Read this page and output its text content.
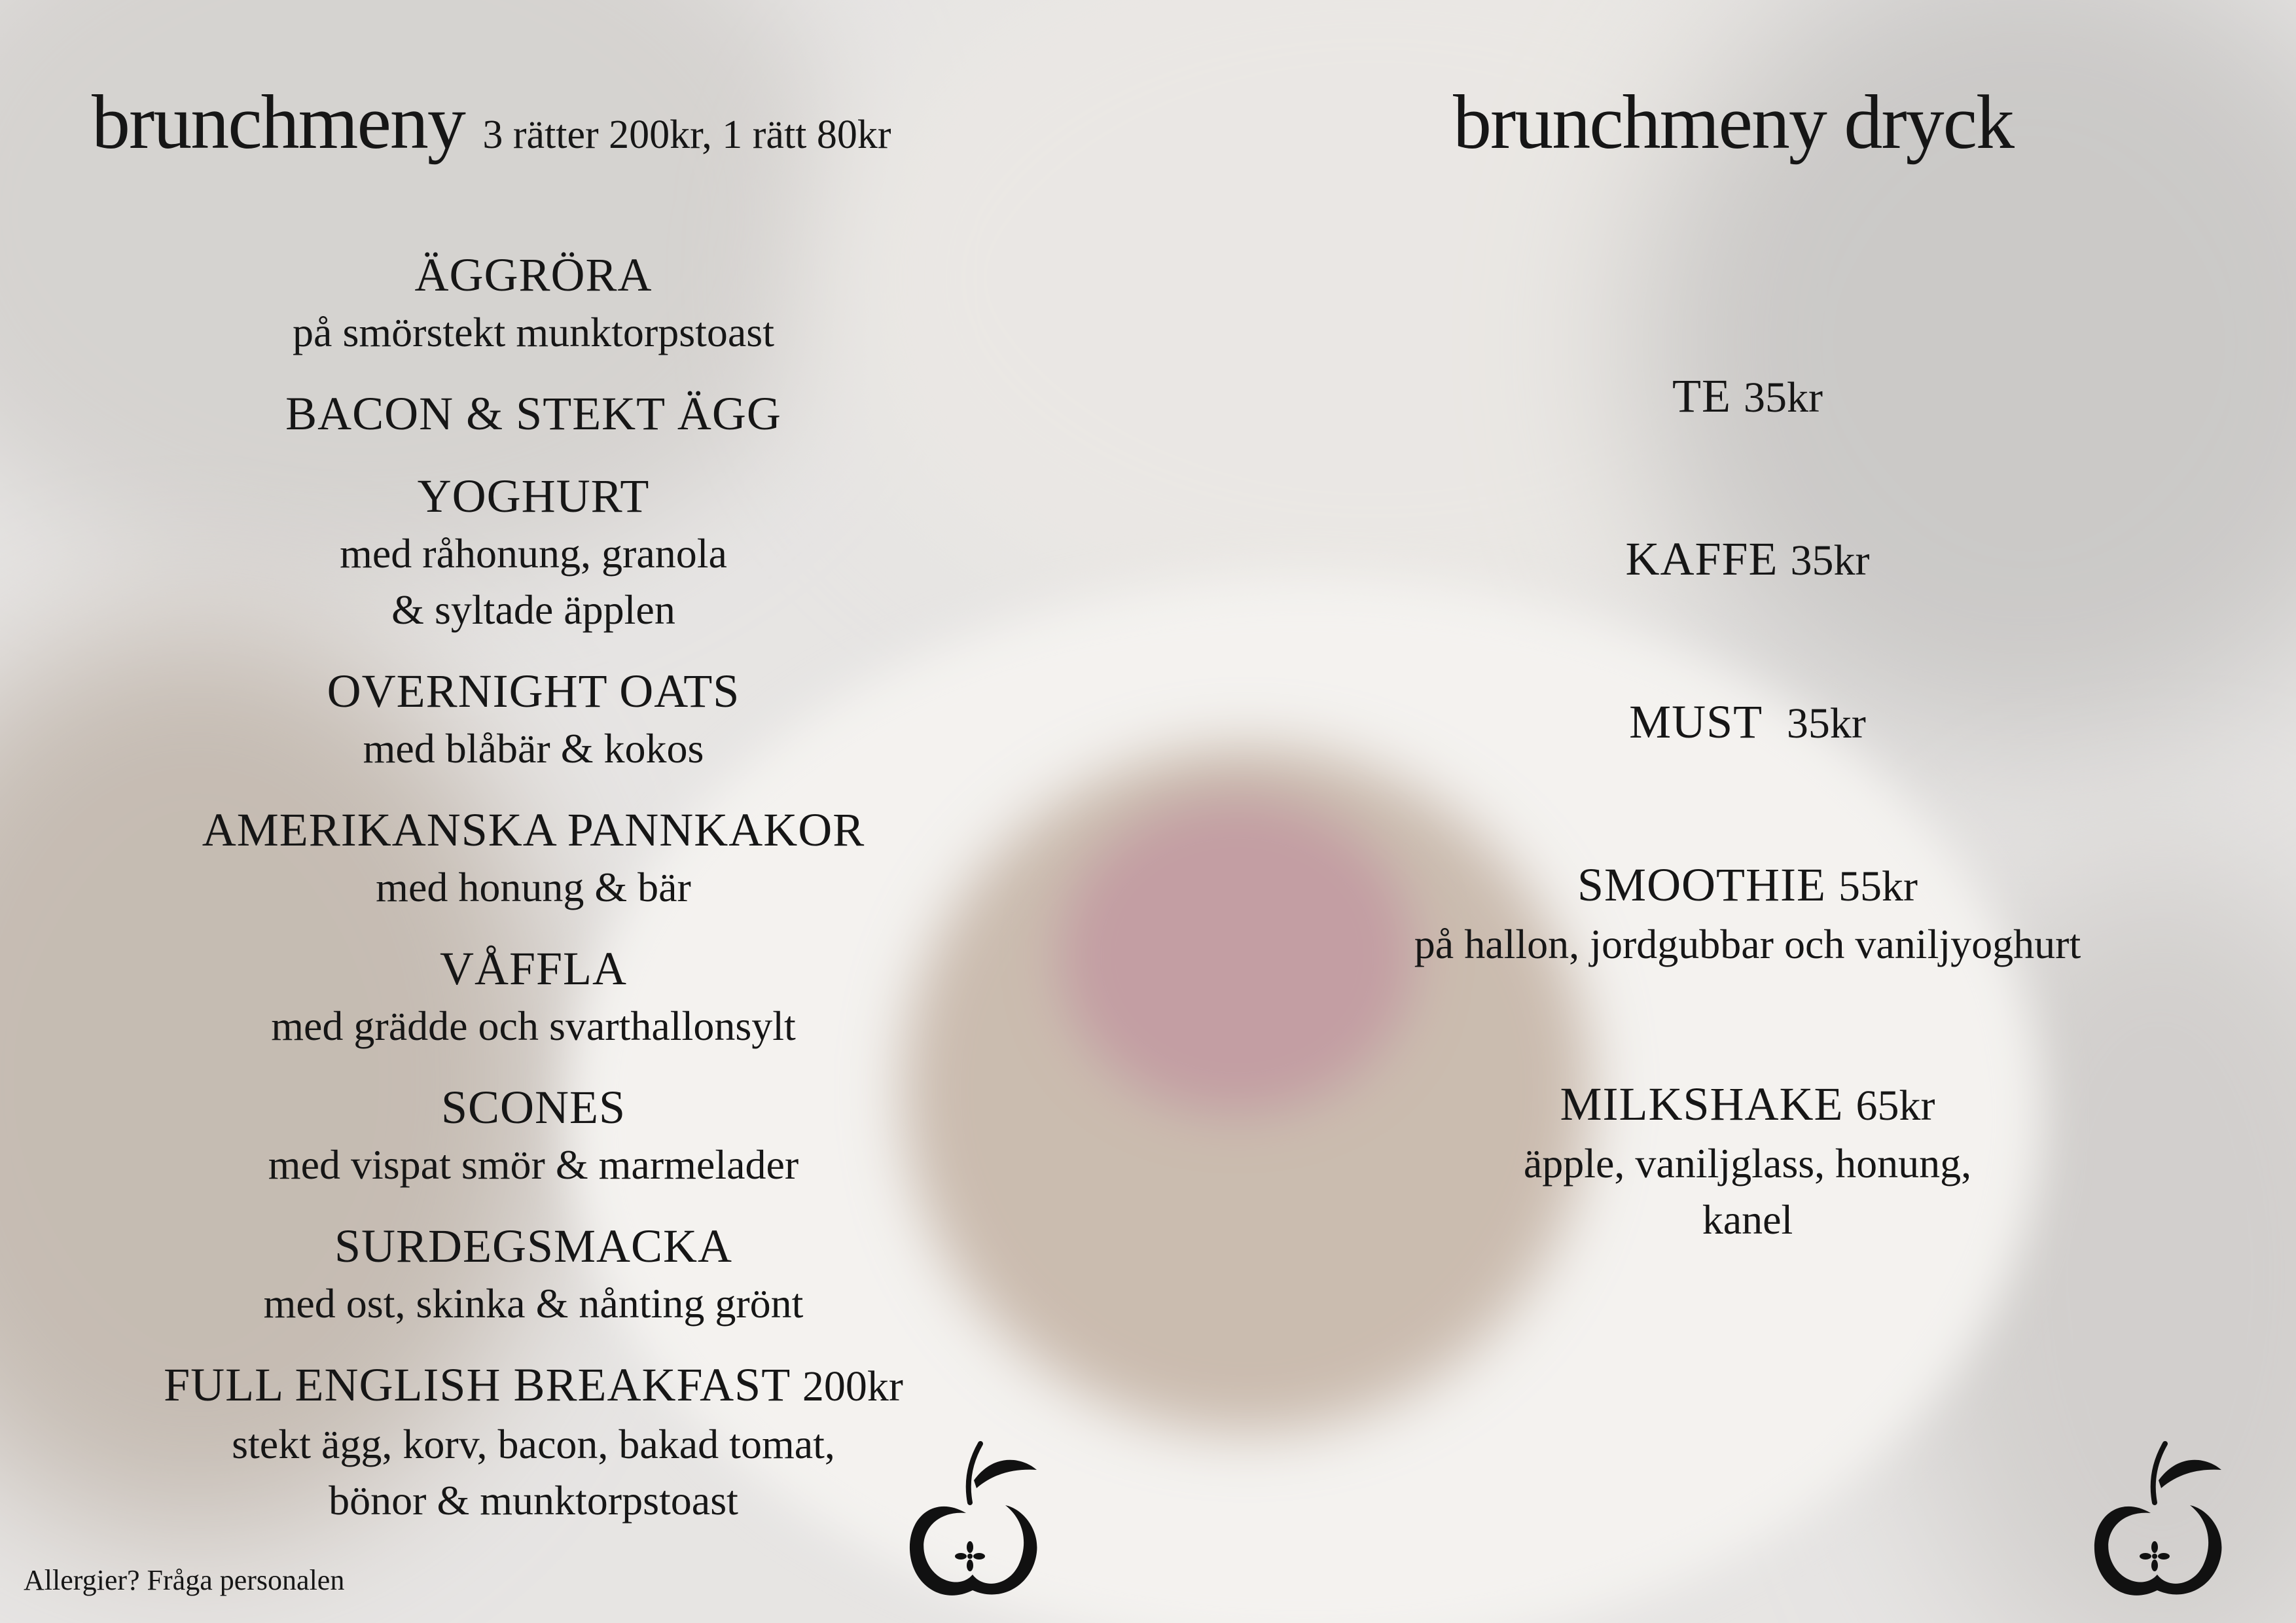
brunchmeny 3 rätter 200kr, 1 rätt 80kr	brunchmeny dryck
ÄGGRÖRA
på smörstekt munktorpstoast
BACON & STEKT ÄGG
YOGHURT
med råhonung, granola
& syltade äpplen
OVERNIGHT OATS
med blåbär & kokos
AMERIKANSKA PANNKAKOR
med honung & bär
VÅFFLA
med grädde och svarthallonsylt
SCONES
med vispat smör & marmelader
SURDEGSMACKA
med ost, skinka & nånting grönt
FULL ENGLISH BREAKFAST 200kr
stekt ägg, korv, bacon, bakad tomat,
bönor & munktorpstoast
TE 35kr
KAFFE 35kr
MUST  35kr
SMOOTHIE 55kr
på hallon, jordgubbar och vaniljyoghurt
MILKSHAKE 65kr
äpple, vaniljglass, honung,
kanel

Allergier? Fråga personalen
